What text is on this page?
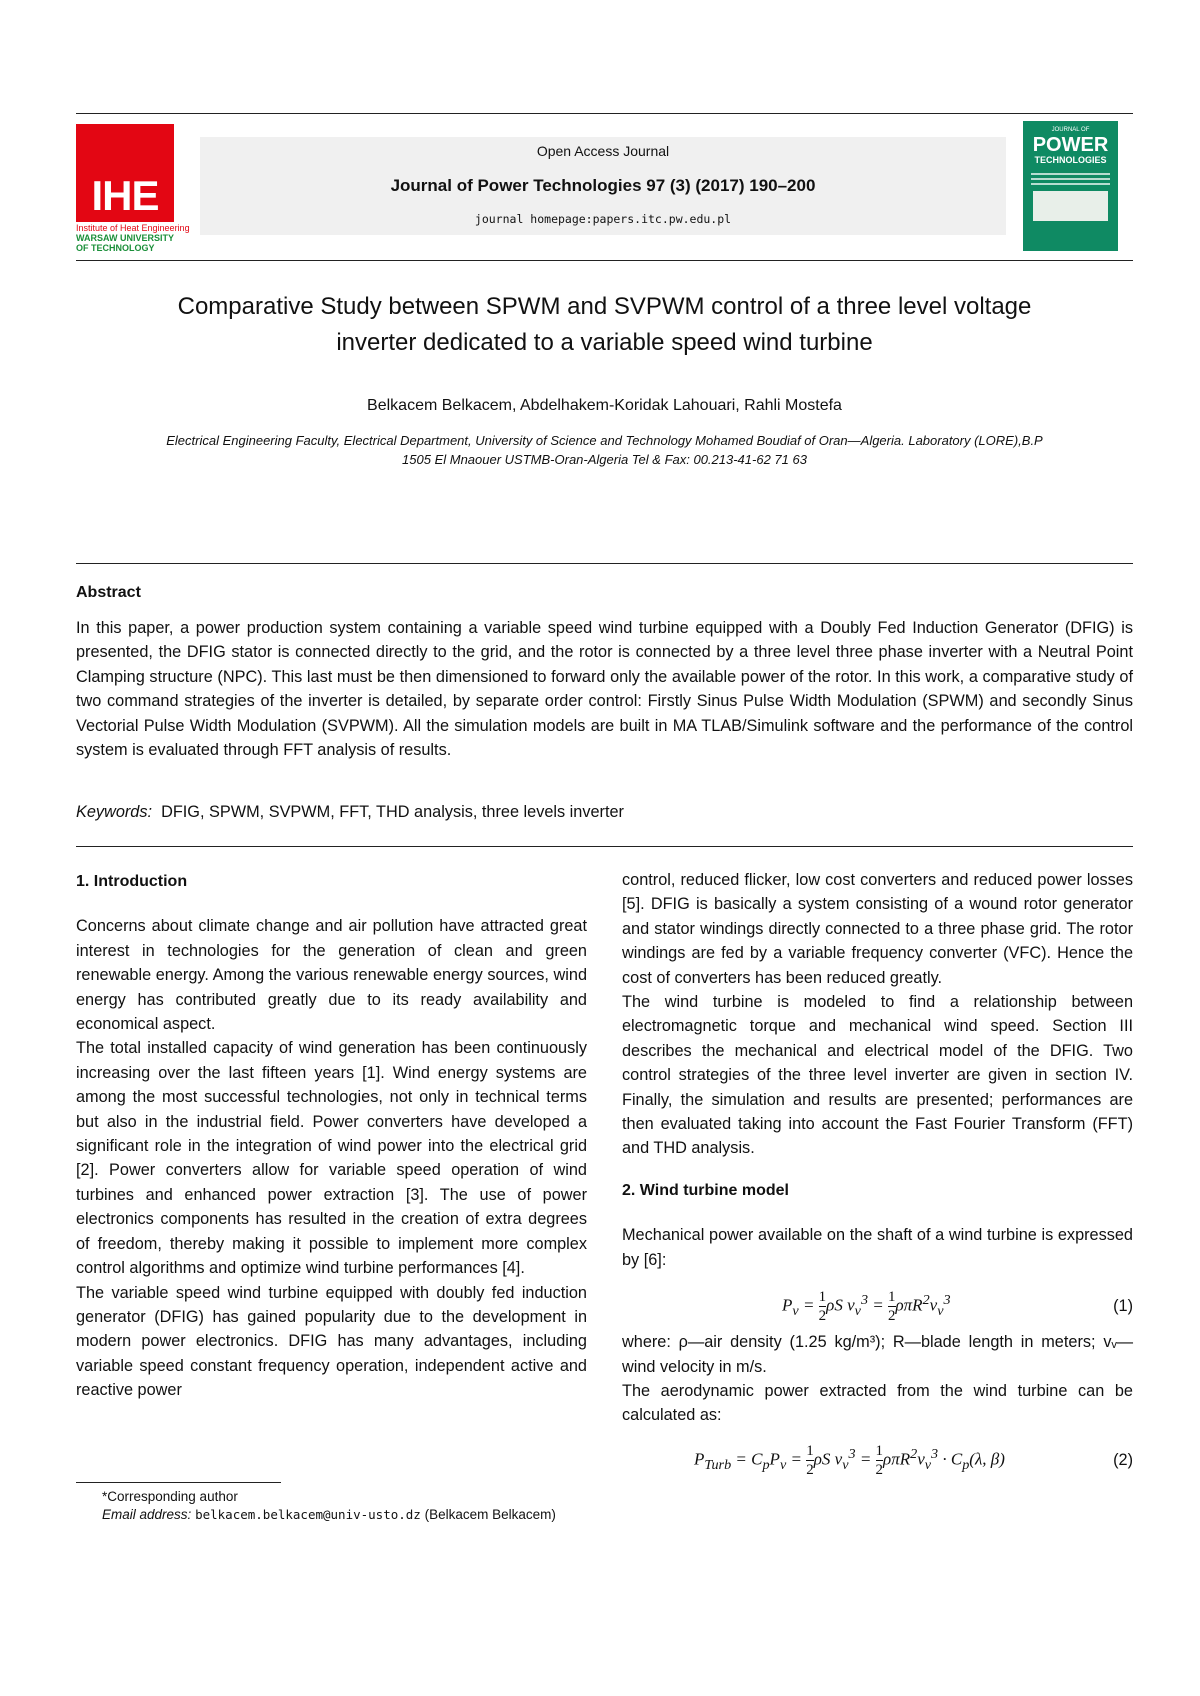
IHE
Institute of Heat Engineering
WARSAW UNIVERSITY
OF TECHNOLOGY
Open Access Journal
Journal of Power Technologies 97 (3) (2017) 190–200
journal homepage:papers.itc.pw.edu.pl
JOURNAL OF
POWER
TECHNOLOGIES
Comparative Study between SPWM and SVPWM control of a three level voltage
inverter dedicated to a variable speed wind turbine
Belkacem Belkacem, Abdelhakem-Koridak Lahouari, Rahli Mostefa
Electrical Engineering Faculty, Electrical Department, University of Science and Technology Mohamed Boudiaf of Oran—Algeria. Laboratory (LORE),B.P
1505 El Mnaouer USTMB-Oran-Algeria Tel & Fax: 00.213-41-62 71 63
Abstract
In this paper, a power production system containing a variable speed wind turbine equipped with a Doubly Fed Induction Generator (DFIG) is presented, the DFIG stator is connected directly to the grid, and the rotor is connected by a three level three phase inverter with a Neutral Point Clamping structure (NPC). This last must be then dimensioned to forward only the available power of the rotor. In this work, a comparative study of two command strategies of the inverter is detailed, by separate order control: Firstly Sinus Pulse Width Modulation (SPWM) and secondly Sinus Vectorial Pulse Width Modulation (SVPWM). All the simulation models are built in MA TLAB/Simulink software and the performance of the control system is evaluated through FFT analysis of results.
Keywords: DFIG, SPWM, SVPWM, FFT, THD analysis, three levels inverter
1. Introduction

Concerns about climate change and air pollution have attracted great interest in technologies for the generation of clean and green renewable energy. Among the various renewable energy sources, wind energy has contributed greatly due to its ready availability and economical aspect.

The total installed capacity of wind generation has been continuously increasing over the last fifteen years [1]. Wind energy systems are among the most successful technologies, not only in technical terms but also in the industrial field. Power converters have developed a significant role in the integration of wind power into the electrical grid [2]. Power converters allow for variable speed operation of wind turbines and enhanced power extraction [3]. The use of power electronics components has resulted in the creation of extra degrees of freedom, thereby making it possible to implement more complex control algorithms and optimize wind turbine performances [4].

The variable speed wind turbine equipped with doubly fed induction generator (DFIG) has gained popularity due to the development in modern power electronics. DFIG has many advantages, including variable speed constant frequency operation, independent active and reactive power

control, reduced flicker, low cost converters and reduced power losses [5]. DFIG is basically a system consisting of a wound rotor generator and stator windings directly connected to a three phase grid. The rotor windings are fed by a variable frequency converter (VFC). Hence the cost of converters has been reduced greatly.

The wind turbine is modeled to find a relationship between electromagnetic torque and mechanical wind speed. Section III describes the mechanical and electrical model of the DFIG. Two control strategies of the three level inverter are given in section IV. Finally, the simulation and results are presented; performances are then evaluated taking into account the Fast Fourier Transform (FFT) and THD analysis.

2. Wind turbine model

Mechanical power available on the shaft of a wind turbine is expressed by [6]:

$P_v = \frac{1}{2}$ ρS $v_v^3 = \frac{1}{2} \rho\pi R^2v_v^3$	(1)

where: ρ—air density (1.25 kg/m³); R—blade length in meters; vᵥ— wind velocity in m/s.

The aerodynamic power extracted from the wind turbine can be calculated as:

$P_{Turb} = C_pP_v = \frac{1}{2}$ ρS $v_v^3 = \frac{1}{2} \rho\pi R^2v_v^3 \cdot C_p(\lambda$, β)	(2)
*Corresponding author
Email address: belkacem.belkacem@univ-usto.dz (Belkacem Belkacem)
